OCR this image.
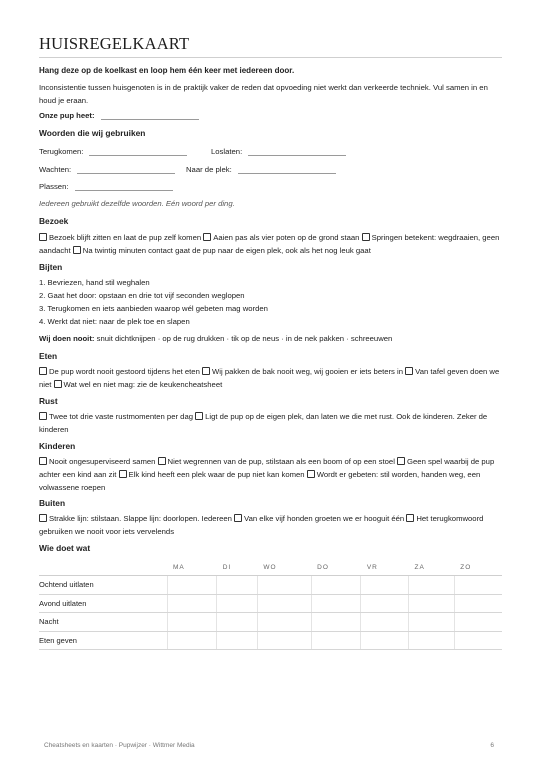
HUISREGELKAART
Hang deze op de koelkast en loop hem één keer met iedereen door.
Inconsistentie tussen huisgenoten is in de praktijk vaker de reden dat opvoeding niet werkt dan verkeerde techniek. Vul samen in en houd je eraan.
Onze pup heet:
Woorden die wij gebruiken
Terugkomen:	Loslaten:
Wachten:	Naar de plek:
Plassen:
Iedereen gebruikt dezelfde woorden. Eén woord per ding.
Bezoek
Bezoek blijft zitten en laat de pup zelf komen Aaien pas als vier poten op de grond staan Springen betekent: wegdraaien, geen aandacht Na twintig minuten contact gaat de pup naar de eigen plek, ook als het nog leuk gaat
Bijten
1. Bevriezen, hand stil weghalen
2. Gaat het door: opstaan en drie tot vijf seconden weglopen
3. Terugkomen en iets aanbieden waarop wél gebeten mag worden
4. Werkt dat niet: naar de plek toe en slapen
Wij doen nooit: snuit dichtknijpen · op de rug drukken · tik op de neus · in de nek pakken · schreeuwen
Eten
De pup wordt nooit gestoord tijdens het eten Wij pakken de bak nooit weg, wij gooien er iets beters in Van tafel geven doen we niet Wat wel en niet mag: zie de keukencheatsheet
Rust
Twee tot drie vaste rustmomenten per dag Ligt de pup op de eigen plek, dan laten we die met rust. Ook de kinderen. Zeker de kinderen
Kinderen
Nooit ongesuperviseerd samen Niet wegrennen van de pup, stilstaan als een boom of op een stoel Geen spel waarbij de pup achter een kind aan zit Elk kind heeft een plek waar de pup niet kan komen Wordt er gebeten: stil worden, handen weg, een volwassene roepen
Buiten
Strakke lijn: stilstaan. Slappe lijn: doorlopen. Iedereen Van elke vijf honden groeten we er hooguit één Het terugkomwoord gebruiken we nooit voor iets vervelends
Wie doet wat
	MA	DI	WO	DO	VR	ZA	ZO
Ochtend uitlaten							
Avond uitlaten							
Nacht							
Eten geven							
Cheatsheets en kaarten · Pupwijzer · Wittmer Media	6
